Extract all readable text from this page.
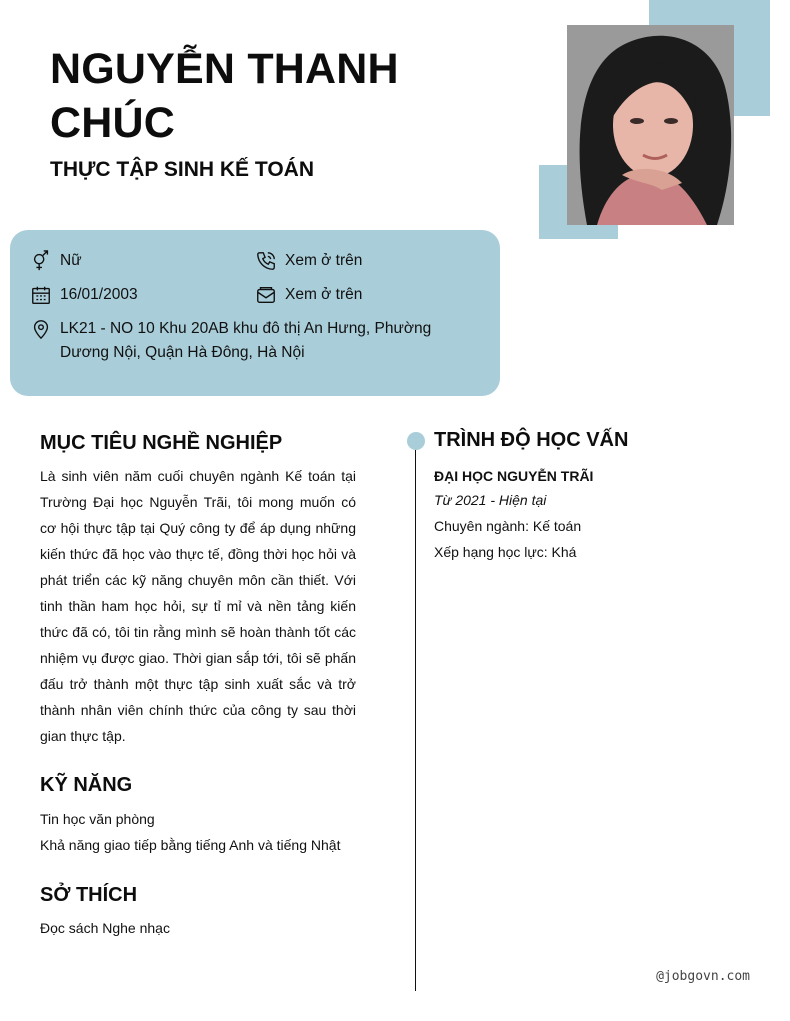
NGUYỄN THANH CHÚC
THỰC TẬP SINH KẾ TOÁN
Nữ	Xem ở trên
16/01/2003	Xem ở trên
LK21 - NO 10 Khu 20AB khu đô thị An Hưng, Phường Dương Nội, Quận Hà Đông, Hà Nội
MỤC TIÊU NGHỀ NGHIỆP

Là sinh viên năm cuối chuyên ngành Kế toán tại Trường Đại học Nguyễn Trãi, tôi mong muốn có cơ hội thực tập tại Quý công ty để áp dụng những kiến thức đã học vào thực tế, đồng thời học hỏi và phát triển các kỹ năng chuyên môn cần thiết. Với tinh thần ham học hỏi, sự tỉ mỉ và nền tảng kiến thức đã có, tôi tin rằng mình sẽ hoàn thành tốt các nhiệm vụ được giao. Thời gian sắp tới, tôi sẽ phấn đấu trở thành một thực tập sinh xuất sắc và trở thành nhân viên chính thức của công ty sau thời gian thực tập.

KỸ NĂNG
Tin học văn phòng
Khả năng giao tiếp bằng tiếng Anh và tiếng Nhật
SỞ THÍCH
Đọc sách Nghe nhạc
TRÌNH ĐỘ HỌC VẤN
ĐẠI HỌC NGUYỄN TRÃI
Từ 2021 - Hiện tại
Chuyên ngành: Kế toán
Xếp hạng học lực: Khá
@jobgovn.com
